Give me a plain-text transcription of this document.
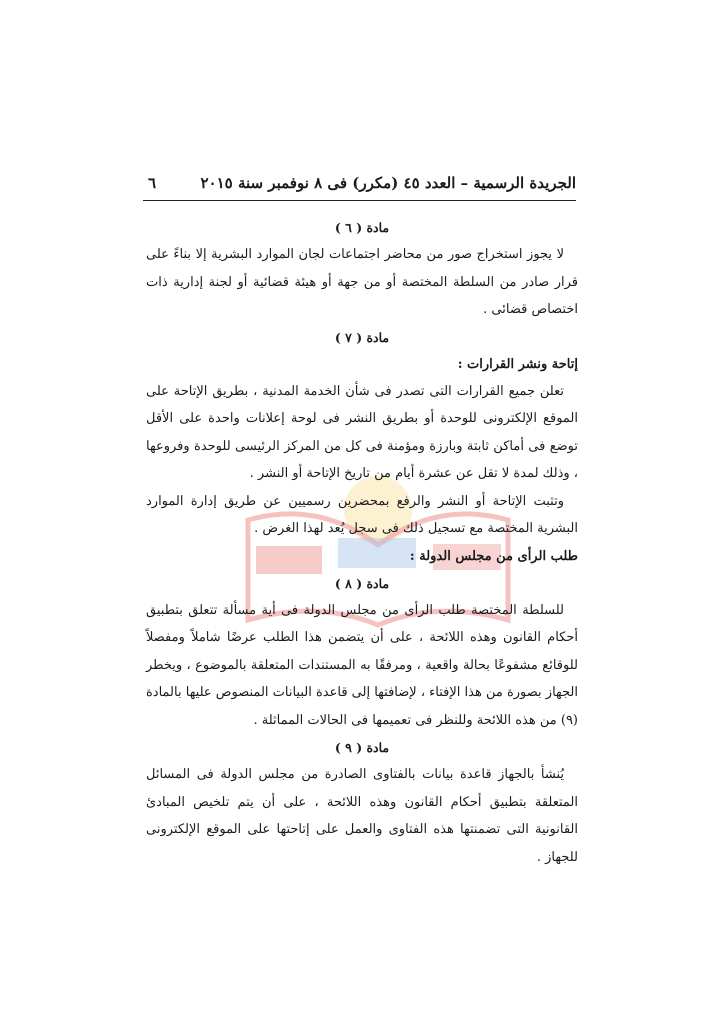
الجريدة الرسمية – العدد ٤٥ (مكرر) فى ٨ نوفمبر سنة ٢٠١٥
٦

مادة ( ٦ )

لا يجوز استخراج صور من محاضر اجتماعات لجان الموارد البشرية إلا بناءً على قرار صادر من السلطة المختصة أو من جهة أو هيئة قضائية أو لجنة إدارية ذات اختصاص قضائى .

مادة ( ٧ )

إتاحة ونشر القرارات :

تعلن جميع القرارات التى تصدر فى شأن الخدمة المدنية ، بطريق الإتاحة على الموقع الإلكترونى للوحدة أو بطريق النشر فى لوحة إعلانات واحدة على الأقل توضع فى أماكن ثابتة وبارزة ومؤمنة فى كل من المركز الرئيسى للوحدة وفروعها ، وذلك لمدة لا تقل عن عشرة أيام من تاريخ الإتاحة أو النشر .

وتثبت الإتاحة أو النشر والرفع بمحضرين رسميين عن طريق إدارة الموارد البشرية المختصة مع تسجيل ذلك فى سجل يُعد لهذا الغرض .

طلب الرأى من مجلس الدولة :

مادة ( ٨ )

للسلطة المختصة طلب الرأى من مجلس الدولة فى أية مسألة تتعلق بتطبيق أحكام القانون وهذه اللائحة ، على أن يتضمن هذا الطلب عرضًا شاملاً ومفصلاً للوقائع مشفوعًا بحالة واقعية ، ومرفقًا به المستندات المتعلقة بالموضوع ، ويخطر الجهاز بصورة من هذا الإفتاء ، لإضافتها إلى قاعدة البيانات المنصوص عليها بالمادة (٩) من هذه اللائحة وللنظر فى تعميمها فى الحالات المماثلة .

مادة ( ٩ )

يُنشأ بالجهاز قاعدة بيانات بالفتاوى الصادرة من مجلس الدولة فى المسائل المتعلقة بتطبيق أحكام القانون وهذه اللائحة ، على أن يتم تلخيص المبادئ القانونية التى تضمنتها هذه الفتاوى والعمل على إتاحتها على الموقع الإلكترونى للجهاز .
